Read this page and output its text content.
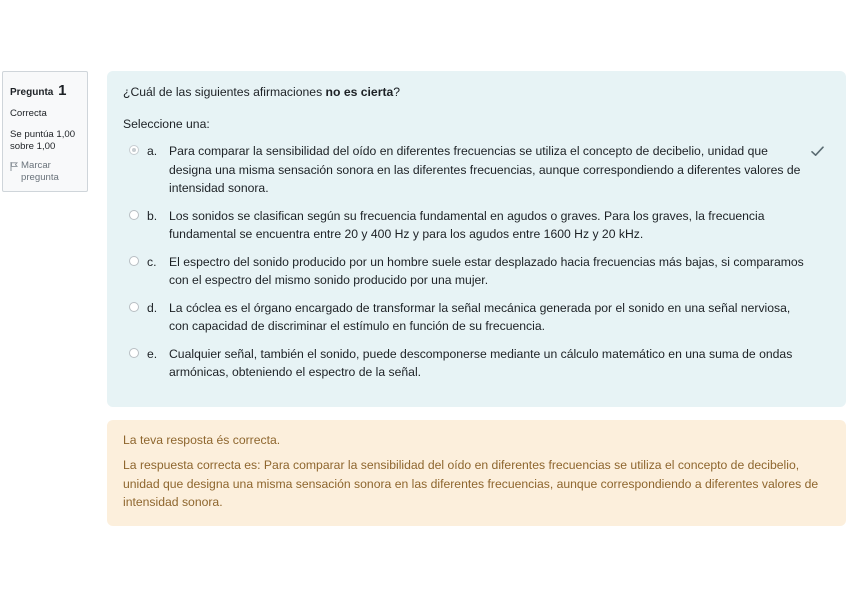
Pregunta 1
Correcta
Se puntúa 1,00 sobre 1,00
Marcar pregunta
¿Cuál de las siguientes afirmaciones no es cierta?
Seleccione una:
a. Para comparar la sensibilidad del oído en diferentes frecuencias se utiliza el concepto de decibelio, unidad que designa una misma sensación sonora en las diferentes frecuencias, aunque correspondiendo a diferentes valores de intensidad sonora.
b. Los sonidos se clasifican según su frecuencia fundamental en agudos o graves. Para los graves, la frecuencia fundamental se encuentra entre 20 y 400 Hz y para los agudos entre 1600 Hz y 20 kHz.
c. El espectro del sonido producido por un hombre suele estar desplazado hacia frecuencias más bajas, si comparamos con el espectro del mismo sonido producido por una mujer.
d. La cóclea es el órgano encargado de transformar la señal mecánica generada por el sonido en una señal nerviosa, con capacidad de discriminar el estímulo en función de su frecuencia.
e. Cualquier señal, también el sonido, puede descomponerse mediante un cálculo matemático en una suma de ondas armónicas, obteniendo el espectro de la señal.
La teva resposta és correcta.
La respuesta correcta es: Para comparar la sensibilidad del oído en diferentes frecuencias se utiliza el concepto de decibelio, unidad que designa una misma sensación sonora en las diferentes frecuencias, aunque correspondiendo a diferentes valores de intensidad sonora.
